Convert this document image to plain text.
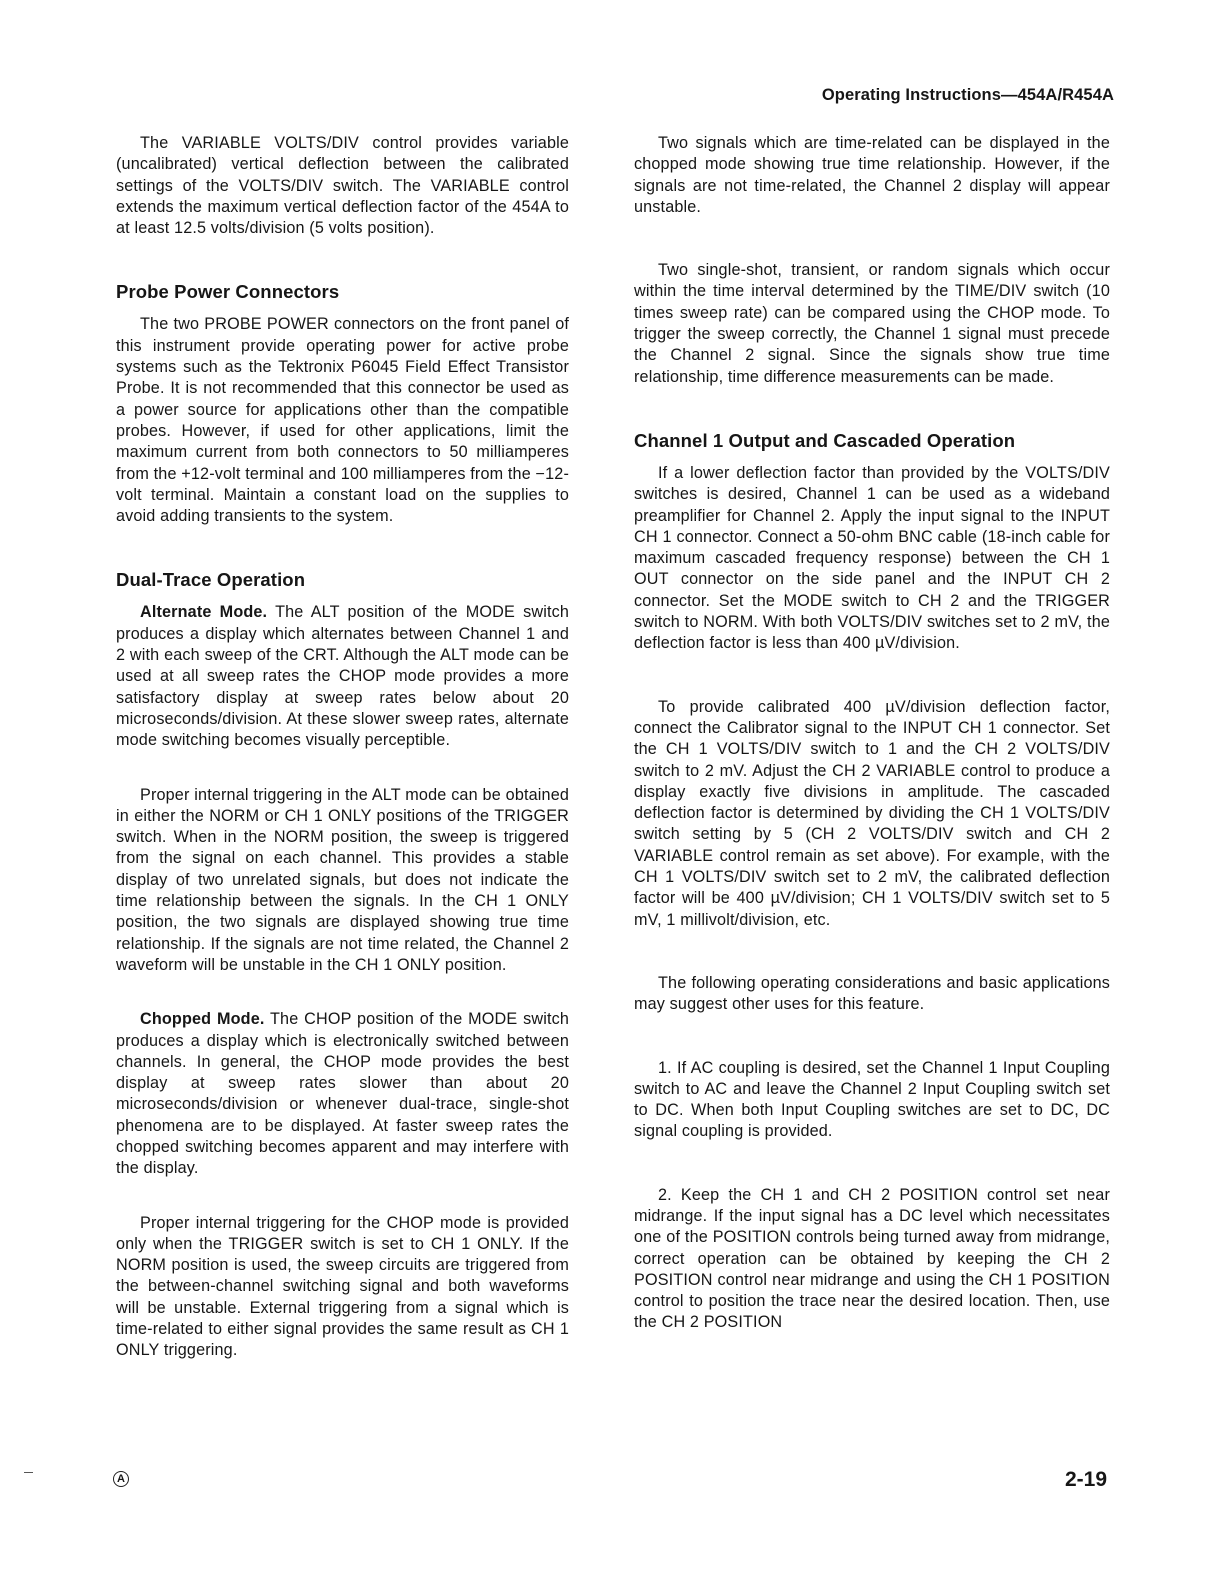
Operating Instructions—454A/R454A

The VARIABLE VOLTS/DIV control provides variable (uncalibrated) vertical deflection between the calibrated settings of the VOLTS/DIV switch. The VARIABLE control extends the maximum vertical deflection factor of the 454A to at least 12.5 volts/division (5 volts position).

Probe Power Connectors

The two PROBE POWER connectors on the front panel of this instrument provide operating power for active probe systems such as the Tektronix P6045 Field Effect Transistor Probe. It is not recommended that this connector be used as a power source for applications other than the compatible probes. However, if used for other applications, limit the maximum current from both connectors to 50 milliamperes from the +12-volt terminal and 100 milliamperes from the −12-volt terminal. Maintain a constant load on the supplies to avoid adding transients to the system.

Dual-Trace Operation

Alternate Mode. The ALT position of the MODE switch produces a display which alternates between Channel 1 and 2 with each sweep of the CRT. Although the ALT mode can be used at all sweep rates the CHOP mode provides a more satisfactory display at sweep rates below about 20 microseconds/division. At these slower sweep rates, alternate mode switching becomes visually perceptible.

Proper internal triggering in the ALT mode can be obtained in either the NORM or CH 1 ONLY positions of the TRIGGER switch. When in the NORM position, the sweep is triggered from the signal on each channel. This provides a stable display of two unrelated signals, but does not indicate the time relationship between the signals. In the CH 1 ONLY position, the two signals are displayed showing true time relationship. If the signals are not time related, the Channel 2 waveform will be unstable in the CH 1 ONLY position.

Chopped Mode. The CHOP position of the MODE switch produces a display which is electronically switched between channels. In general, the CHOP mode provides the best display at sweep rates slower than about 20 microseconds/division or whenever dual-trace, single-shot phenomena are to be displayed. At faster sweep rates the chopped switching becomes apparent and may interfere with the display.

Proper internal triggering for the CHOP mode is provided only when the TRIGGER switch is set to CH 1 ONLY. If the NORM position is used, the sweep circuits are triggered from the between-channel switching signal and both waveforms will be unstable. External triggering from a signal which is time-related to either signal provides the same result as CH 1 ONLY triggering.

Two signals which are time-related can be displayed in the chopped mode showing true time relationship. However, if the signals are not time-related, the Channel 2 display will appear unstable.

Two single-shot, transient, or random signals which occur within the time interval determined by the TIME/DIV switch (10 times sweep rate) can be compared using the CHOP mode. To trigger the sweep correctly, the Channel 1 signal must precede the Channel 2 signal. Since the signals show true time relationship, time difference measurements can be made.

Channel 1 Output and Cascaded Operation

If a lower deflection factor than provided by the VOLTS/DIV switches is desired, Channel 1 can be used as a wideband preamplifier for Channel 2. Apply the input signal to the INPUT CH 1 connector. Connect a 50-ohm BNC cable (18-inch cable for maximum cascaded frequency response) between the CH 1 OUT connector on the side panel and the INPUT CH 2 connector. Set the MODE switch to CH 2 and the TRIGGER switch to NORM. With both VOLTS/DIV switches set to 2 mV, the deflection factor is less than 400 µV/division.

To provide calibrated 400 µV/division deflection factor, connect the Calibrator signal to the INPUT CH 1 connector. Set the CH 1 VOLTS/DIV switch to 1 and the CH 2 VOLTS/DIV switch to 2 mV. Adjust the CH 2 VARIABLE control to produce a display exactly five divisions in amplitude. The cascaded deflection factor is determined by dividing the CH 1 VOLTS/DIV switch setting by 5 (CH 2 VOLTS/DIV switch and CH 2 VARIABLE control remain as set above). For example, with the CH 1 VOLTS/DIV switch set to 2 mV, the calibrated deflection factor will be 400 µV/division; CH 1 VOLTS/DIV switch set to 5 mV, 1 millivolt/division, etc.

The following operating considerations and basic applications may suggest other uses for this feature.

1. If AC coupling is desired, set the Channel 1 Input Coupling switch to AC and leave the Channel 2 Input Coupling switch set to DC. When both Input Coupling switches are set to DC, DC signal coupling is provided.

2. Keep the CH 1 and CH 2 POSITION control set near midrange. If the input signal has a DC level which necessitates one of the POSITION controls being turned away from midrange, correct operation can be obtained by keeping the CH 2 POSITION control near midrange and using the CH 1 POSITION control to position the trace near the desired location. Then, use the CH 2 POSITION

A	2-19
